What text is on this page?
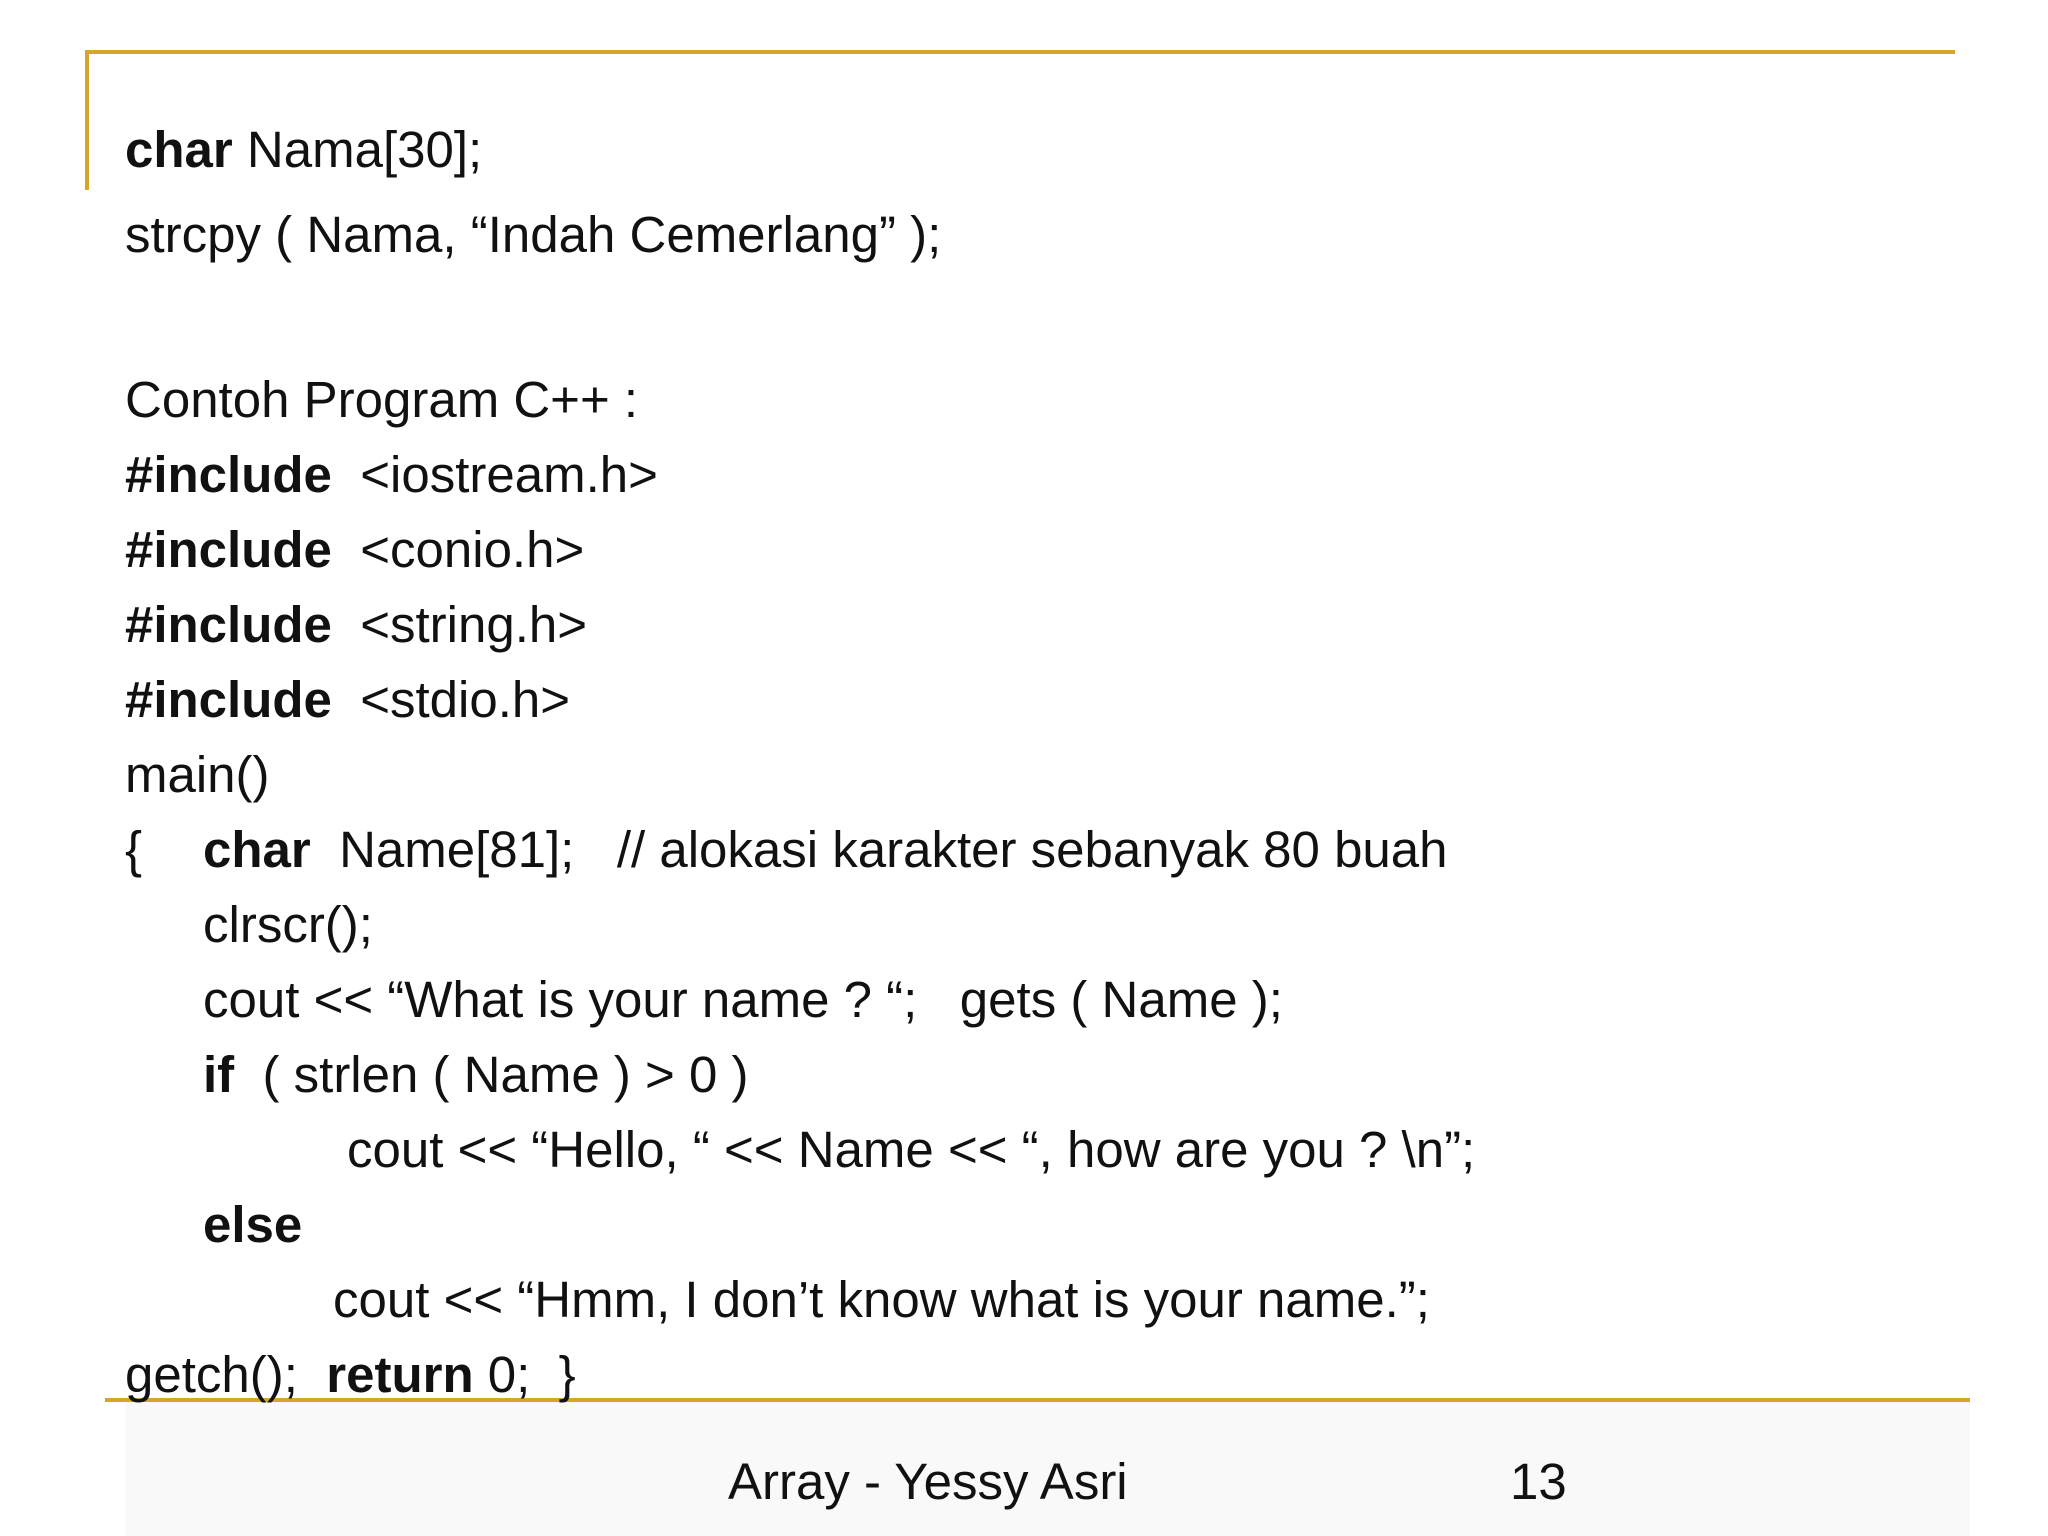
char Nama[30];
strcpy ( Nama, “Indah Cemerlang” );
Contoh Program C++ :
#include  <iostream.h>
#include  <conio.h>
#include  <string.h>
#include  <stdio.h>
main()
{ char  Name[81];   // alokasi karakter sebanyak 80 buah
clrscr();
cout << “What is your name ? “;   gets ( Name );
if  ( strlen ( Name ) > 0 )
cout << “Hello, “ << Name << “, how are you ? \n”;
else
cout << “Hmm, I don’t know what is your name.”;
getch();  return 0;  }
Array - Yessy Asri	13
